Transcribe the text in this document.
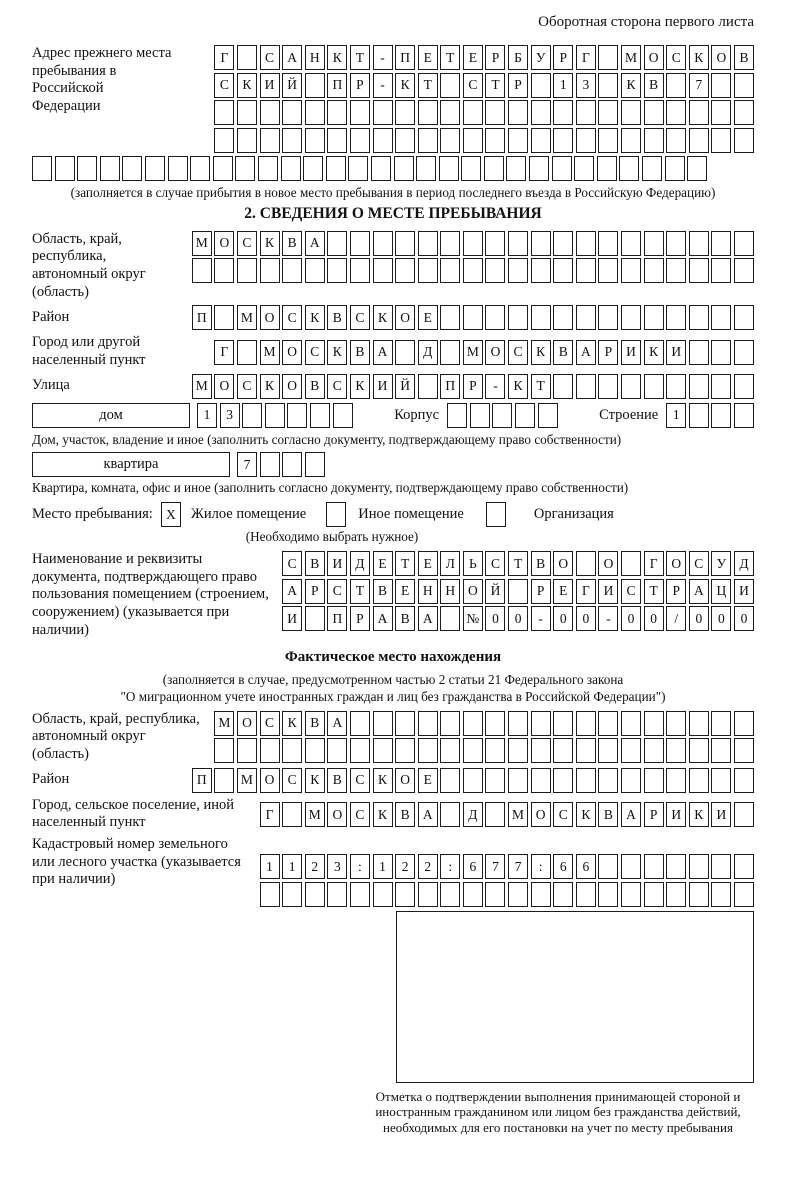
Оборотная сторона первого листа
Адрес прежнего места пребывания в Российской Федерации
Г	С А Н К	Т	-	П	Е	Т	Е	Р	Б	У	Р	Г	М О С	К О В
С	К И Й	П	Р	-	К	Т	С	Т	Р	1	3	К	В	7
(заполняется в случае прибытия в новое место пребывания в период последнего въезда в Российскую Федерацию)
2. СВЕДЕНИЯ О МЕСТЕ ПРЕБЫВАНИЯ
Область, край, республика, автономный округ (область)
М О С	К	В А
Район	П	М О С	К	В	С	К О	Е
Город или другой населенный пункт
Г	М О С	К	В А	Д	М О С	К	В А	Р	И К И
Улица	М О С	К О В	С	К И Й	П	Р	-	К	Т
дом	1	3	Корпус	Строение	1
Дом, участок, владение и иное (заполнить согласно документу, подтверждающему право собственности)
квартира	7
Квартира, комната, офис и иное (заполнить согласно документу, подтверждающему право собственности)
Место пребывания: X	Жилое помещение	Иное помещение	Организация
(Необходимо выбрать нужное)
Наименование и реквизиты документа, подтверждающего право пользования помещением (строением, сооружением) (указывается при наличии)
С	В И Д	Е	Т	Е	Л	Ь	С	Т	В О	О	Г	О С У Д
А	Р	С	Т	В	Е	Н Н О Й	Р	Е	Г	И С	Т	Р	А Ц И
И	П	Р	А В А	№ 0	0	-	0	0	-	0	0	/	0	0	0
Фактическое место нахождения
(заполняется в случае, предусмотренном частью 2 статьи 21 Федерального закона
"О миграционном учете иностранных граждан и лиц без гражданства в Российской Федерации")
Область, край, республика, автономный округ (область)
М О С	К	В А
Район	П	М О С	К	В	С	К О	Е
Город, сельское поселение, иной населенный пункт
Г	М О С	К	В А	Д	М О С	К	В А	Р	И К И
Кадастровый номер земельного или лесного участка (указывается при наличии)
1	1	2	3	:	1	2	2	:	6	7	7	:	6	6
Отметка о подтверждении выполнения принимающей стороной и иностранным гражданином или лицом без гражданства действий, необходимых для его постановки на учет по месту пребывания
